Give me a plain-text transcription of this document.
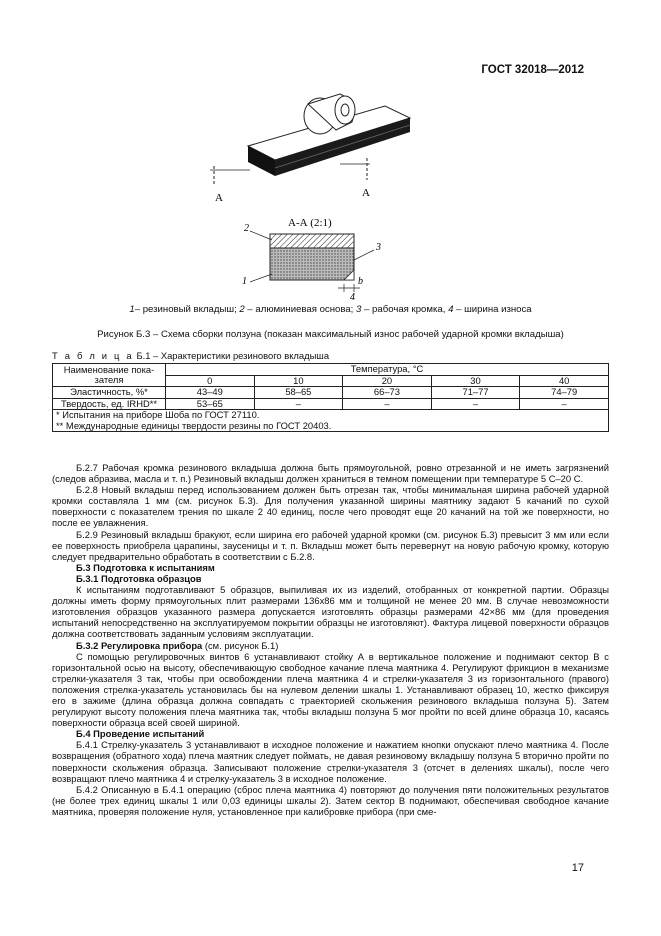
ГОСТ 32018—2012
А	А
А-А (2:1)
2
3
1	b
4
1– резиновый вкладыш; 2 – алюминиевая основа; 3 – рабочая кромка, 4 – ширина износа
Рисунок Б.3 – Схема сборки ползуна (показан максимальный износ рабочей ударной кромки вкладыша)
Т а б л и ц а Б.1 – Характеристики резинового вкладыша
Наименование пока-зателя	Температура, °С				
	0	10	20	30	40
Эластичность, %*	43–49	58–65	66–73	71–77	74–79
Твердость, ед. IRHD**	53–65	–	–	–	–
* Испытания на приборе Шоба по ГОСТ 27110.
** Международные единицы твердости резины по ГОСТ 20403.					

Б.2.7 Рабочая кромка резинового вкладыша должна быть прямоугольной, ровно отрезанной и не иметь загрязнений (следов абразива, масла и т. п.) Резиновый вкладыш должен храниться в темном помещении при температуре 5 С–20 С.

Б.2.8 Новый вкладыш перед использованием должен быть отрезан так, чтобы минимальная ширина рабочей ударной кромки составляла 1 мм (см. рисунок Б.3). Для получения указанной ширины маятнику задают 5 качаний по сухой поверхности с показателем трения по шкале 2 40 единиц, после чего проводят еще 20 качаний на той же поверхности, но после ее увлажнения.

Б.2.9 Резиновый вкладыш бракуют, если ширина его рабочей ударной кромки (см. рисунок Б.3) превысит 3 мм или если ее поверхность приобрела царапины, заусеницы и т. п. Вкладыш может быть перевернут на новую рабочую кромку, которую следует предварительно обработать в соответствии с Б.2.8.

Б.3 Подготовка к испытаниям

Б.3.1 Подготовка образцов

К испытаниям подготавливают 5 образцов, выпиливая их из изделий, отобранных от конкретной партии. Образцы должны иметь форму прямоугольных плит размерами 136х86 мм и толщиной не менее 20 мм. В случае невозможности изготовления образцов указанного размера допускается изготовлять образцы размерами 42×86 мм (для проведения испытаний непосредственно на эксплуатируемом покрытии образцы не изготовляют). Фактура лицевой поверхности образцов должна соответствовать заданным условиям эксплуатации.

Б.3.2 Регулировка прибора (см. рисунок Б.1)

С помощью регулировочных винтов 6 устанавливают стойку А в вертикальное положение и поднимают сектор В с горизонтальной осью на высоту, обеспечивающую свободное качание плеча маятника 4. Регулируют фрикцион в механизме стрелки-указателя 3 так, чтобы при освобождении плеча маятника 4 и стрелки-указателя 3 из горизонтального (правого) положения стрелка-указатель установилась бы на нулевом делении шкалы 1. Устанавливают образец 10, жестко фиксируя его в зажиме (длина образца должна совпадать с траекторией скольжения резинового вкладыша ползуна 5). Затем регулируют высоту положения плеча маятника так, чтобы вкладыш ползуна 5 мог пройти по всей длине образца 10, касаясь поверхности образца всей своей шириной.

Б.4 Проведение испытаний

Б.4.1 Стрелку-указатель 3 устанавливают в исходное положение и нажатием кнопки опускают плечо маятника 4. После возвращения (обратного хода) плеча маятник следует поймать, не давая резиновому вкладышу ползуна 5 вторично пройти по поверхности скольжения образца. Записывают положение стрелки-указателя 3 (отсчет в делениях шкалы), после чего возвращают плечо маятника 4 и стрелку-указатель 3 в исходное положение.

Б.4.2 Описанную в Б.4.1 операцию (сброс плеча маятника 4) повторяют до получения пяти положительных результатов (не более трех единиц шкалы 1 или 0,03 единицы шкалы 2). Затем сектор В поднимают, обеспечивая свободное качание маятника, проверяя положение нуля, установленное при калибровке прибора (при сме-

17
